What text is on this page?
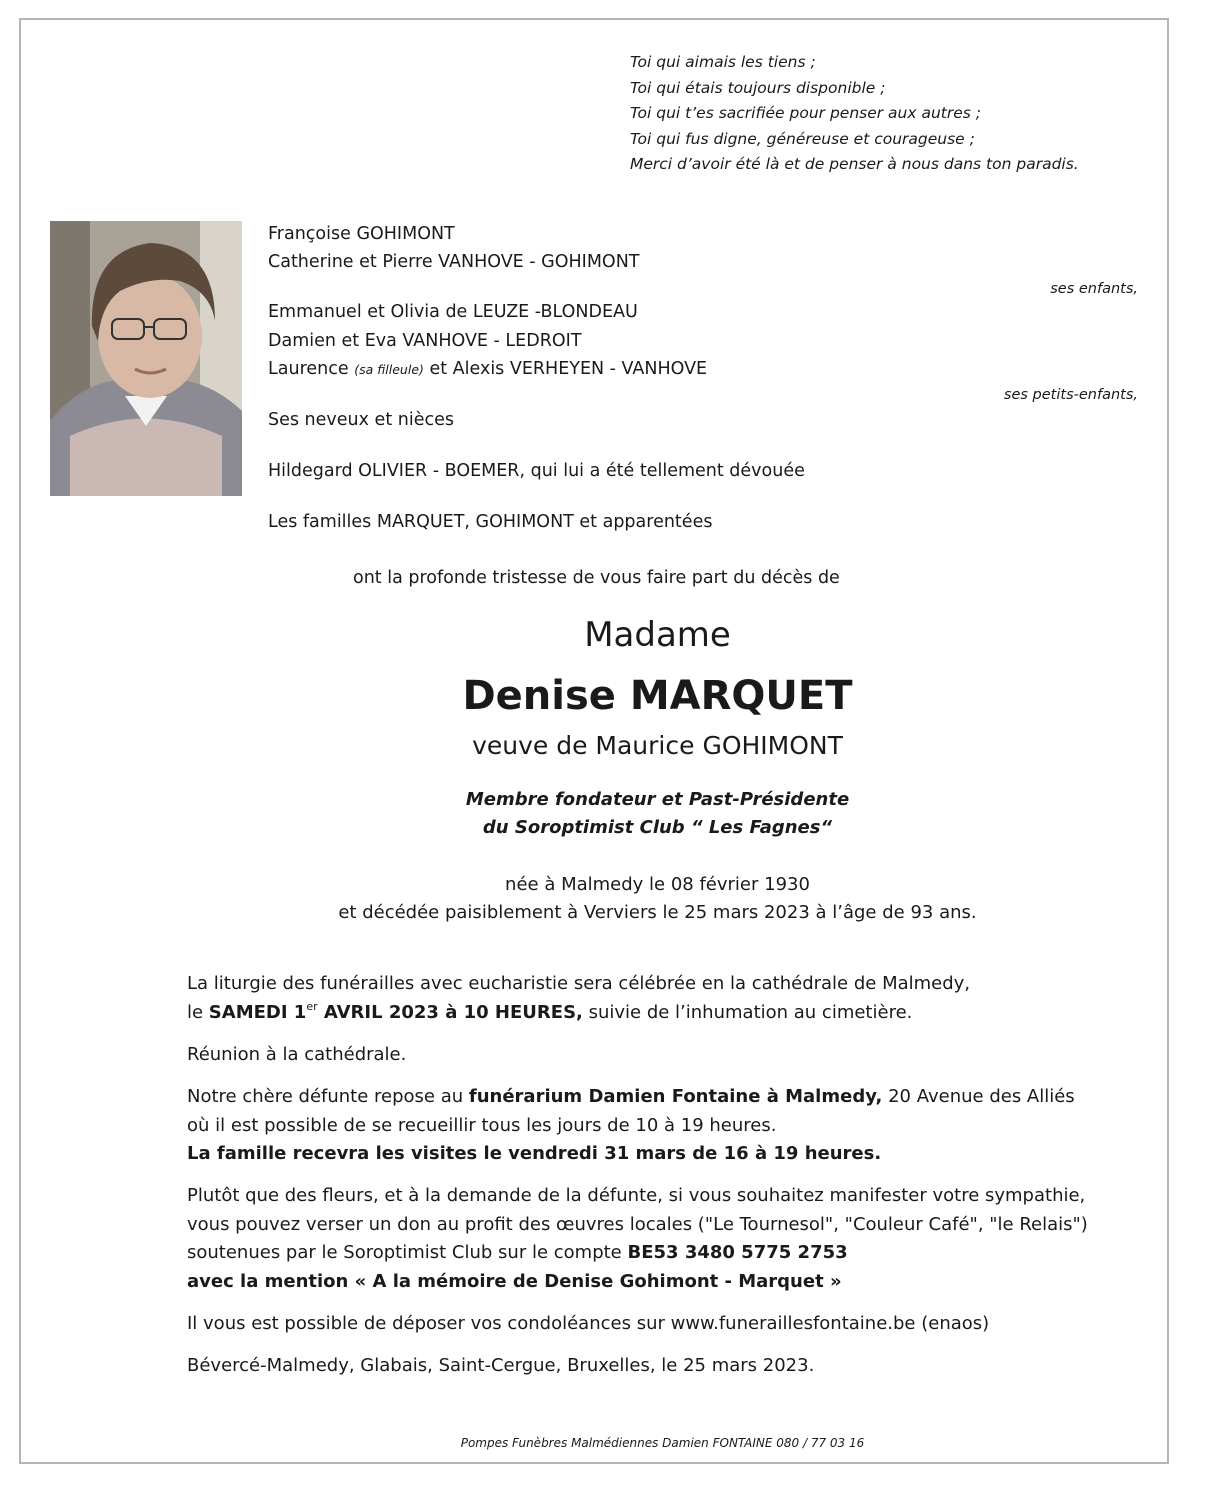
Toi qui aimais les tiens ;
Toi qui étais toujours disponible ;
Toi qui t’es sacrifiée pour penser aux autres ;
Toi qui fus digne, généreuse et courageuse ;
Merci d’avoir été là et de penser à nous dans ton paradis.
Françoise GOHIMONT
Catherine et Pierre VANHOVE - GOHIMONT
ses enfants,
Emmanuel et Olivia de LEUZE -BLONDEAU
Damien et Eva VANHOVE - LEDROIT
Laurence (sa filleule) et Alexis VERHEYEN - VANHOVE
ses petits-enfants,
Ses neveux et nièces
Hildegard OLIVIER - BOEMER, qui lui a été tellement dévouée
Les familles MARQUET, GOHIMONT et apparentées
ont la profonde tristesse de vous faire part du décès de
Madame
Denise MARQUET
veuve de Maurice GOHIMONT
Membre fondateur et Past-Présidente
du Soroptimist Club “ Les Fagnes“
née à Malmedy le 08 février 1930
et décédée paisiblement à Verviers le 25 mars 2023 à l’âge de 93 ans.
La liturgie des funérailles avec eucharistie sera célébrée en la cathédrale de Malmedy,
le SAMEDI 1er AVRIL 2023 à 10 HEURES, suivie de l’inhumation au cimetière.
Réunion à la cathédrale.
Notre chère défunte repose au funérarium Damien Fontaine à Malmedy, 20 Avenue des Alliés
où il est possible de se recueillir tous les jours de 10 à 19 heures.
La famille recevra les visites le vendredi 31 mars de 16 à 19 heures.
Plutôt que des fleurs, et à la demande de la défunte, si vous souhaitez manifester votre sympathie,
vous pouvez verser un don au profit des œuvres locales ("Le Tournesol", "Couleur Café", "le Relais")
soutenues par le Soroptimist Club sur le compte BE53 3480 5775 2753
avec la mention « A la mémoire de Denise Gohimont - Marquet »
Il vous est possible de déposer vos condoléances sur www.funeraillesfontaine.be (enaos)
Bévercé-Malmedy, Glabais, Saint-Cergue, Bruxelles, le 25 mars 2023.
Pompes Funèbres Malmédiennes Damien FONTAINE 080 / 77 03 16
